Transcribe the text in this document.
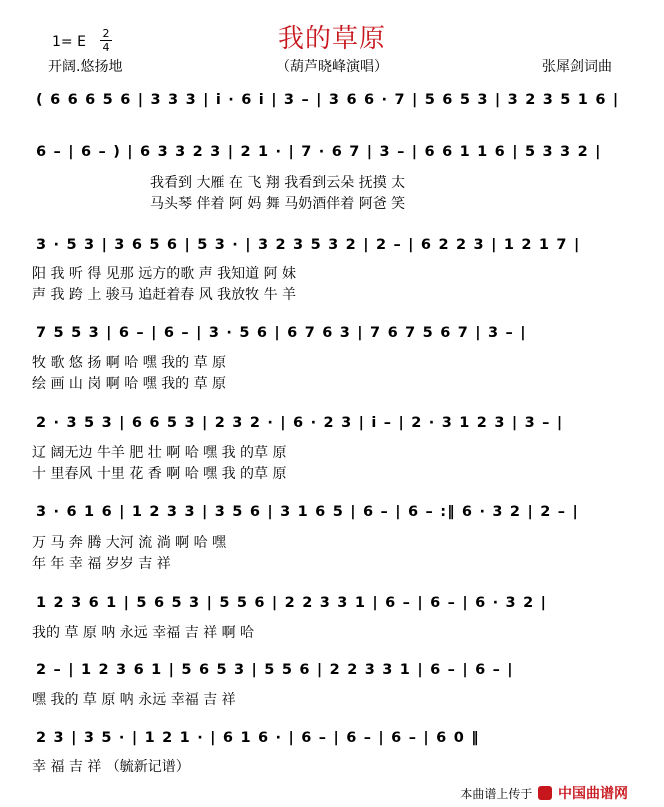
我的草原
1= E
2
4
开阔.悠扬地	（葫芦晓峰演唱）	张犀剑词曲
( 6 6 6 5 6 | 3 3 3 | i · 6 i | 3 – | 3 6 6 · 7 | 5 6 5 3 | 3 2 3 5 1 6 |
6 – | 6 – ) | 6 3 3 2 3 | 2 1 · | 7 · 6 7 | 3 – | 6 6 1 1 6 | 5 3 3 2 |
我看到 大雁 在 飞 翔 我看到云朵 抚摸 太
马头琴 伴着 阿 妈 舞 马奶酒伴着 阿爸 笑
3 · 5 3 | 3 6 5 6 | 5 3 · | 3 2 3 5 3 2 | 2 – | 6 2 2 3 | 1 2 1 7 |
阳 我 听 得 见那 远方的歌 声 我知道 阿 妹
声 我 跨 上 骏马 追赶着春 风 我放牧 牛 羊
7 5 5 3 | 6 – | 6 – | 3 · 5 6 | 6 7 6 3 | 7 6 7 5 6 7 | 3 – |
牧 歌 悠 扬 啊 哈 嘿 我的 草 原
绘 画 山 岗 啊 哈 嘿 我的 草 原
2 · 3 5 3 | 6 6 5 3 | 2 3 2 · | 6 · 2 3 | i – | 2 · 3 1 2 3 | 3 – |
辽 阔无边 牛羊 肥 壮 啊 哈 嘿 我 的草 原
十 里春风 十里 花 香 啊 哈 嘿 我 的草 原
3 · 6 1 6 | 1 2 3 3 | 3 5 6 | 3 1 6 5 | 6 – | 6 – :‖ 6 · 3 2 | 2 – |
万 马 奔 腾 大河 流 淌 啊 哈 嘿
年 年 幸 福 岁岁 吉 祥
1 2 3 6 1 | 5 6 5 3 | 5 5 6 | 2 2 3 3 1 | 6 – | 6 – | 6 · 3 2 |
我的 草 原 呐 永远 幸福 吉 祥 啊 哈
2 – | 1 2 3 6 1 | 5 6 5 3 | 5 5 6 | 2 2 3 3 1 | 6 – | 6 – |
嘿 我的 草 原 呐 永远 幸福 吉 祥
2 3 | 3 5 · | 1 2 1 · | 6 1 6 · | 6 – | 6 – | 6 – | 6 0 ‖
幸 福 吉 祥 （毓新记谱）
本曲谱上传于 中国曲谱网
